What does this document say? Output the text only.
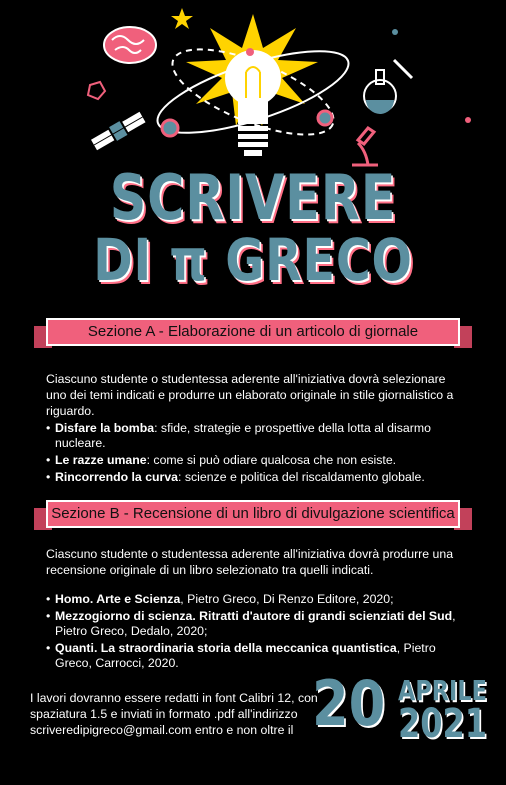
SCRIVERE
DI π GRECO
Sezione A - Elaborazione di un articolo di giornale
Ciascuno studente o studentessa aderente all'iniziativa dovrà selezionare uno dei temi indicati e produrre un elaborato originale in stile giornalistico a riguardo.
• Disfare la bomba: sfide, strategie e prospettive della lotta al disarmo nucleare.
• Le razze umane: come si può odiare qualcosa che non esiste.
• Rincorrendo la curva: scienze e politica del riscaldamento globale.
Sezione B - Recensione di un libro di divulgazione scientifica
Ciascuno studente o studentessa aderente all'iniziativa dovrà produrre una recensione originale di un libro selezionato tra quelli indicati.
• Homo. Arte e Scienza, Pietro Greco, Di Renzo Editore, 2020;
• Mezzogiorno di scienza. Ritratti d'autore di grandi scienziati del Sud, Pietro Greco, Dedalo, 2020;
• Quanti. La straordinaria storia della meccanica quantistica, Pietro Greco, Carrocci, 2020.
I lavori dovranno essere redatti in font Calibri 12, con spaziatura 1.5 e inviati in formato .pdf all'indirizzo scriveredipigreco@gmail.com entro e non oltre il 20 APRILE
2021
